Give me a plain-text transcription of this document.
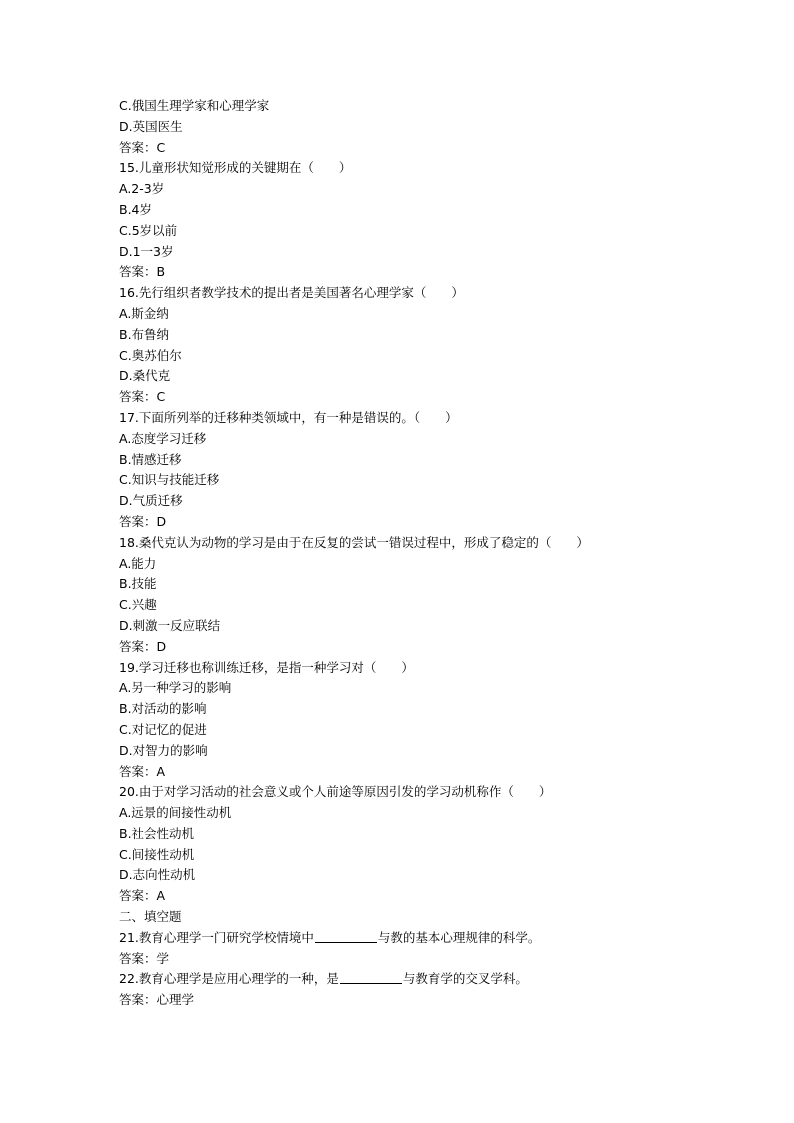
C.俄国生理学家和心理学家
D.英国医生
答案：C
15.儿童形状知觉形成的关键期在（　　）
A.2-3岁
B.4岁
C.5岁以前
D.1一3岁
答案：B
16.先行组织者教学技术的提出者是美国著名心理学家（　　）
A.斯金纳
B.布鲁纳
C.奥苏伯尔
D.桑代克
答案：C
17.下面所列举的迁移种类领域中，有一种是错误的。（　　）
A.态度学习迁移
B.情感迁移
C.知识与技能迁移
D.气质迁移
答案：D
18.桑代克认为动物的学习是由于在反复的尝试一错误过程中，形成了稳定的（　　）
A.能力
B.技能
C.兴趣
D.刺激一反应联结
答案：D
19.学习迁移也称训练迁移，是指一种学习对（　　）
A.另一种学习的影响
B.对活动的影响
C.对记忆的促进
D.对智力的影响
答案：A
20.由于对学习活动的社会意义或个人前途等原因引发的学习动机称作（　　）
A.远景的间接性动机
B.社会性动机
C.间接性动机
D.志向性动机
答案：A
二、填空题
21.教育心理学一门研究学校情境中	与教的基本心理规律的科学。
答案：学
22.教育心理学是应用心理学的一种，是	与教育学的交叉学科。
答案：心理学
